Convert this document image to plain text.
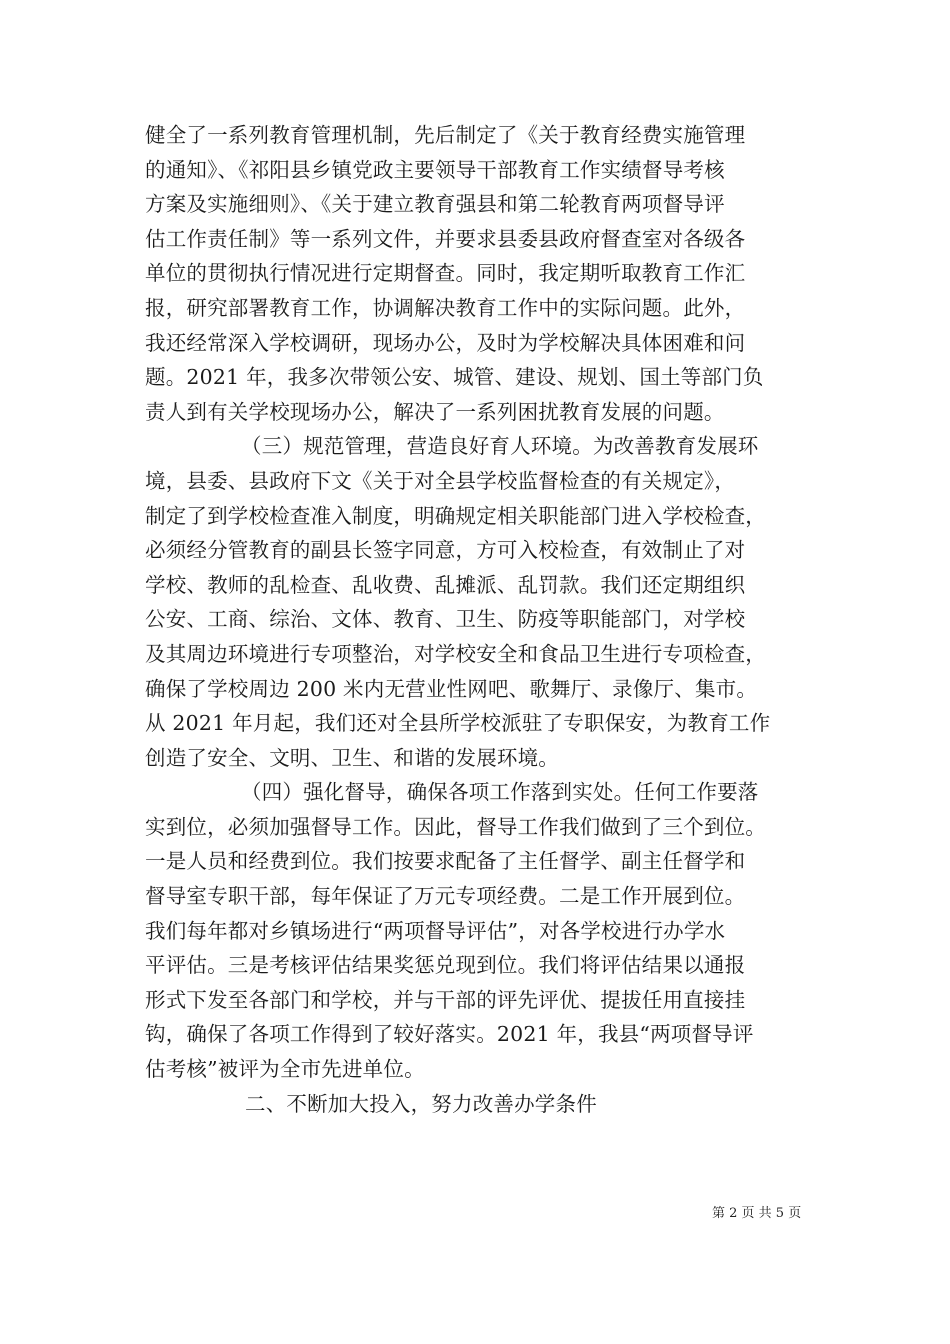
健全了一系列教育管理机制，先后制定了《关于教育经费实施管理
的通知》、《祁阳县乡镇党政主要领导干部教育工作实绩督导考核
方案及实施细则》、《关于建立教育强县和第二轮教育两项督导评
估工作责任制》等一系列文件，并要求县委县政府督查室对各级各
单位的贯彻执行情况进行定期督查。同时，我定期听取教育工作汇
报，研究部署教育工作，协调解决教育工作中的实际问题。此外，
我还经常深入学校调研，现场办公，及时为学校解决具体困难和问
题。2021 年，我多次带领公安、城管、建设、规划、国土等部门负
责人到有关学校现场办公，解决了一系列困扰教育发展的问题。
（三）规范管理，营造良好育人环境。为改善教育发展环
境，县委、县政府下文《关于对全县学校监督检查的有关规定》，
制定了到学校检查准入制度，明确规定相关职能部门进入学校检查，
必须经分管教育的副县长签字同意，方可入校检查，有效制止了对
学校、教师的乱检查、乱收费、乱摊派、乱罚款。我们还定期组织
公安、工商、综治、文体、教育、卫生、防疫等职能部门，对学校
及其周边环境进行专项整治，对学校安全和食品卫生进行专项检查，
确保了学校周边 200 米内无营业性网吧、歌舞厅、录像厅、集市。
从 2021 年月起，我们还对全县所学校派驻了专职保安，为教育工作
创造了安全、文明、卫生、和谐的发展环境。
（四）强化督导，确保各项工作落到实处。任何工作要落
实到位，必须加强督导工作。因此，督导工作我们做到了三个到位。
一是人员和经费到位。我们按要求配备了主任督学、副主任督学和
督导室专职干部，每年保证了万元专项经费。二是工作开展到位。
我们每年都对乡镇场进行“两项督导评估”，对各学校进行办学水
平评估。三是考核评估结果奖惩兑现到位。我们将评估结果以通报
形式下发至各部门和学校，并与干部的评先评优、提拔任用直接挂
钩，确保了各项工作得到了较好落实。2021 年，我县“两项督导评
估考核”被评为全市先进单位。
二、不断加大投入，努力改善办学条件
第 2 页 共 5 页
